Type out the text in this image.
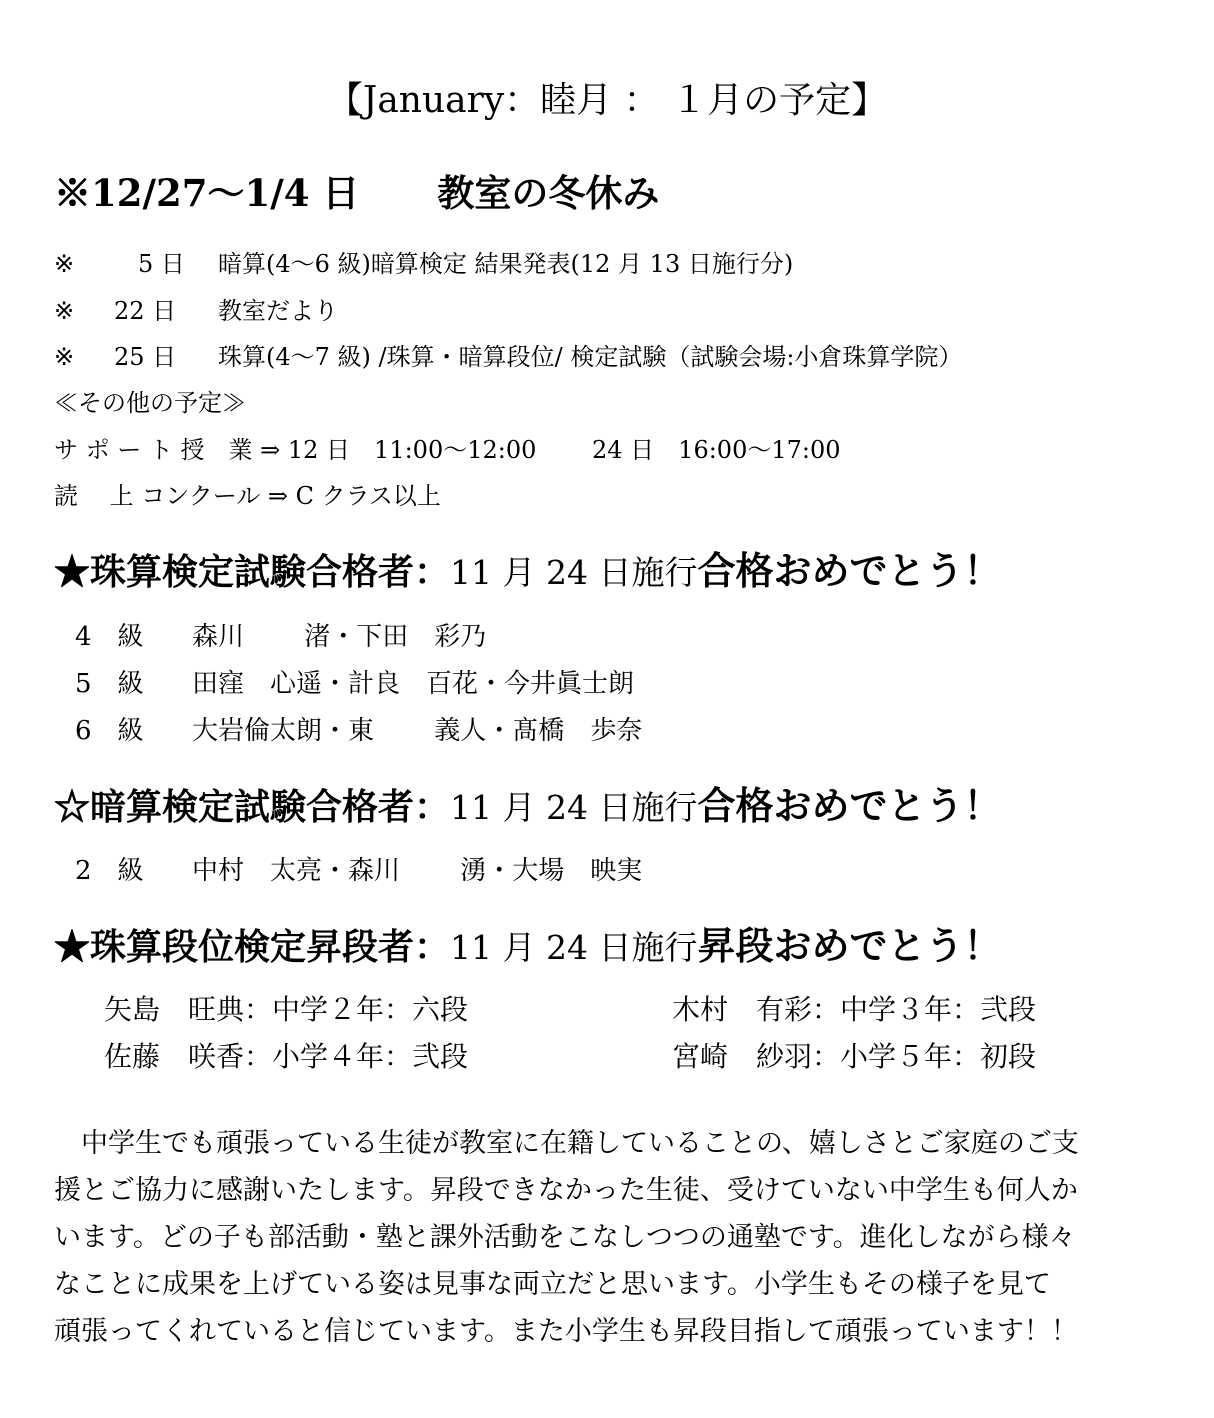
【January：睦月 ： １月の予定】
※12/27～1/4 日 教室の冬休み
※　5 日 暗算(4～6 級)暗算検定 結果発表(12 月 13 日施行分)
※ 22 日 教室だより
※ 25 日 珠算(4～7 級) /珠算・暗算段位/ 検定試験（試験会場:小倉珠算学院）
≪その他の予定≫
サ ポ ー ト 授　業 ⇒ 12 日　11:00～12:00　　 24 日　16:00～17:00
読　 上 コンクール ⇒ C クラス以上
★珠算検定試験合格者：11 月 24 日施行合格おめでとう！
4　級 森川　　 渚・下田　彩乃
5　級 田窪　心遥・計良　百花・今井眞士朗
6　級 大岩倫太朗・東　　 義人・髙橋　歩奈
☆暗算検定試験合格者：11 月 24 日施行合格おめでとう！
2　級 中村　太亮・森川　　 湧・大場　映実
★珠算段位検定昇段者：11 月 24 日施行昇段おめでとう！
矢島　旺典：中学２年：六段	木村　有彩：中学３年：弐段
佐藤　咲香：小学４年：弐段	宮崎　紗羽：小学５年：初段
　中学生でも頑張っている生徒が教室に在籍していることの、嬉しさとご家庭のご支
援とご協力に感謝いたします。昇段できなかった生徒、受けていない中学生も何人か
います。どの子も部活動・塾と課外活動をこなしつつの通塾です。進化しながら様々
なことに成果を上げている姿は見事な両立だと思います。小学生もその様子を見て
頑張ってくれていると信じています。また小学生も昇段目指して頑張っています！！
